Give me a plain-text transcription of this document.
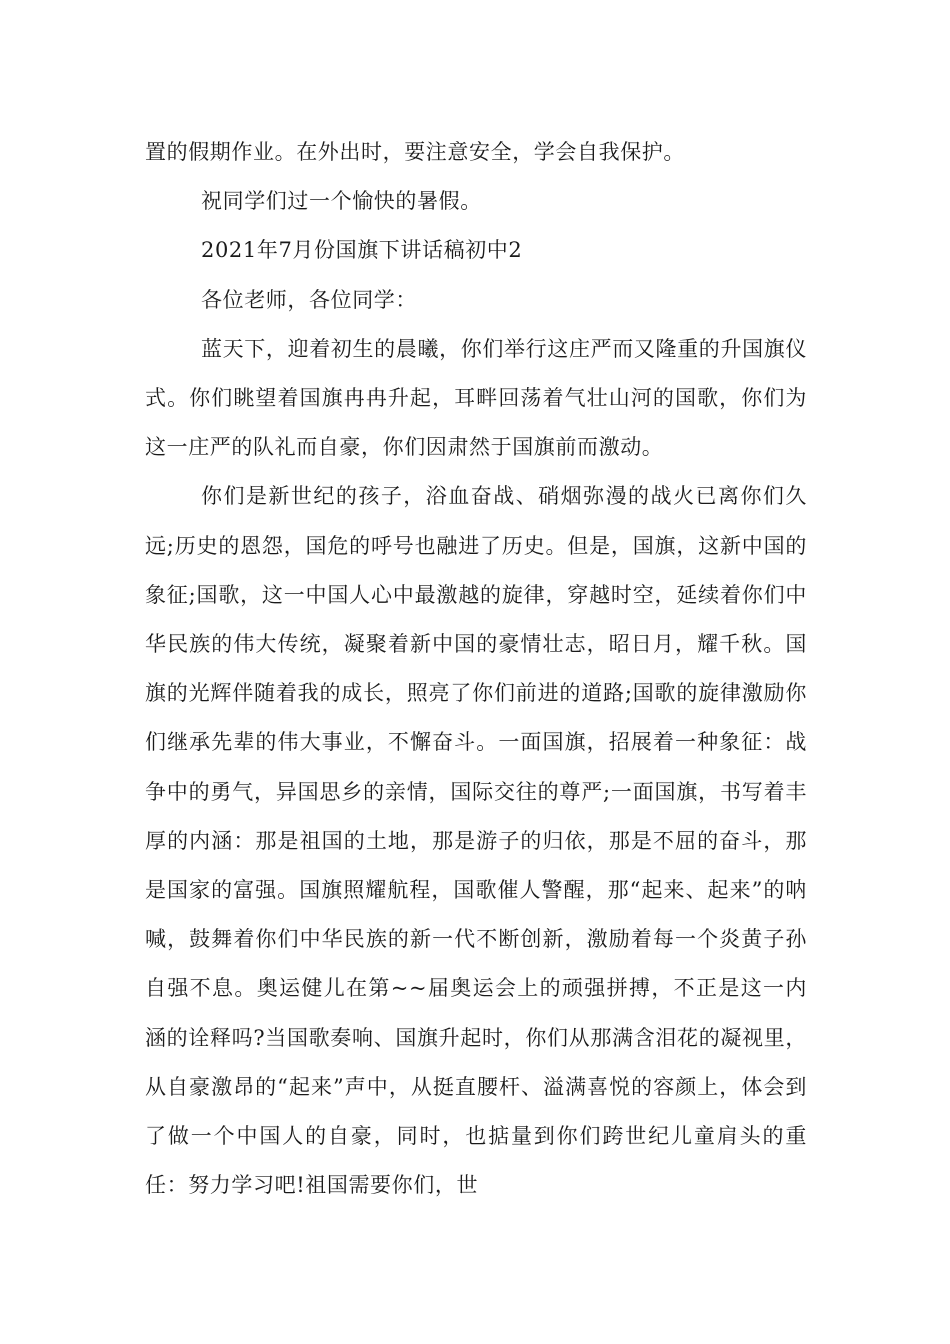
置的假期作业。在外出时，要注意安全，学会自我保护。

祝同学们过一个愉快的暑假。

2021年7月份国旗下讲话稿初中2

各位老师，各位同学：

蓝天下，迎着初生的晨曦，你们举行这庄严而又隆重的升国旗仪式。你们眺望着国旗冉冉升起，耳畔回荡着气壮山河的国歌，你们为这一庄严的队礼而自豪，你们因肃然于国旗前而激动。

你们是新世纪的孩子，浴血奋战、硝烟弥漫的战火已离你们久远;历史的恩怨，国危的呼号也融进了历史。但是，国旗，这新中国的象征;国歌，这一中国人心中最激越的旋律，穿越时空，延续着你们中华民族的伟大传统，凝聚着新中国的豪情壮志，昭日月，耀千秋。国旗的光辉伴随着我的成长，照亮了你们前进的道路;国歌的旋律激励你们继承先辈的伟大事业，不懈奋斗。一面国旗，招展着一种象征：战争中的勇气，异国思乡的亲情，国际交往的尊严;一面国旗，书写着丰厚的内涵：那是祖国的土地，那是游子的归依，那是不屈的奋斗，那是国家的富强。国旗照耀航程，国歌催人警醒，那“起来、起来”的呐喊，鼓舞着你们中华民族的新一代不断创新，激励着每一个炎黄子孙自强不息。奥运健儿在第~~届奥运会上的顽强拼搏，不正是这一内涵的诠释吗?当国歌奏响、国旗升起时，你们从那满含泪花的凝视里，从自豪激昂的“起来”声中，从挺直腰杆、溢满喜悦的容颜上，体会到了做一个中国人的自豪，同时，也掂量到你们跨世纪儿童肩头的重任：努力学习吧!祖国需要你们，世
